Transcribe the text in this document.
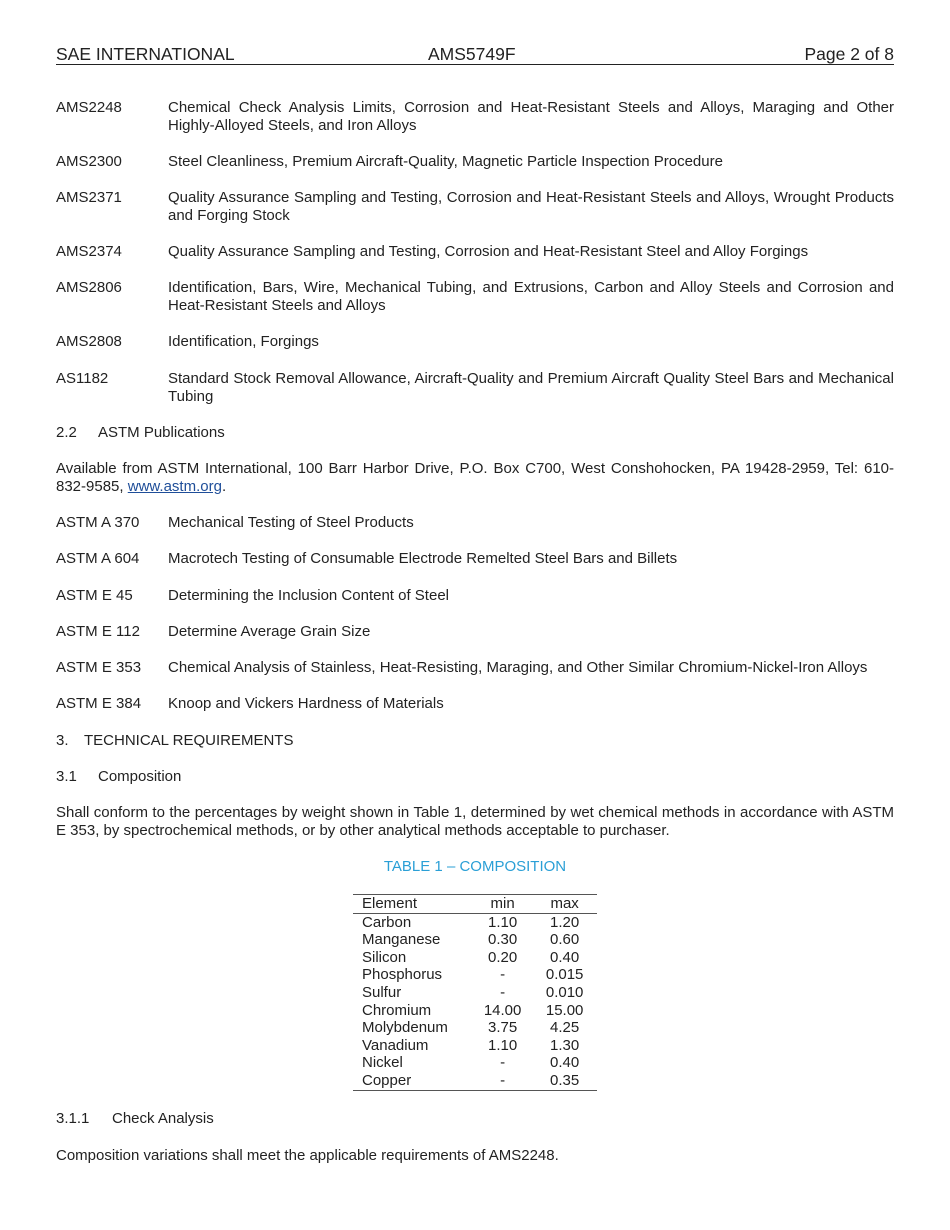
SAE INTERNATIONAL	AMS5749F	Page 2 of 8
AMS2248	Chemical Check Analysis Limits, Corrosion and Heat-Resistant Steels and Alloys, Maraging and Other Highly-Alloyed Steels, and Iron Alloys
AMS2300	Steel Cleanliness, Premium Aircraft-Quality, Magnetic Particle Inspection Procedure
AMS2371	Quality Assurance Sampling and Testing, Corrosion and Heat-Resistant Steels and Alloys, Wrought Products and Forging Stock
AMS2374	Quality Assurance Sampling and Testing, Corrosion and Heat-Resistant Steel and Alloy Forgings
AMS2806	Identification, Bars, Wire, Mechanical Tubing, and Extrusions, Carbon and Alloy Steels and Corrosion and Heat-Resistant Steels and Alloys
AMS2808	Identification, Forgings
AS1182	Standard Stock Removal Allowance, Aircraft-Quality and Premium Aircraft Quality Steel Bars and Mechanical Tubing
2.2 ASTM Publications
Available from ASTM International, 100 Barr Harbor Drive, P.O. Box C700, West Conshohocken, PA 19428-2959, Tel: 610-832-9585, www.astm.org.
ASTM A 370 Mechanical Testing of Steel Products
ASTM A 604 Macrotech Testing of Consumable Electrode Remelted Steel Bars and Billets
ASTM E 45 Determining the Inclusion Content of Steel
ASTM E 112 Determine Average Grain Size
ASTM E 353 Chemical Analysis of Stainless, Heat-Resisting, Maraging, and Other Similar Chromium-Nickel-Iron Alloys
ASTM E 384 Knoop and Vickers Hardness of Materials
3. TECHNICAL REQUIREMENTS
3.1 Composition
Shall conform to the percentages by weight shown in Table 1, determined by wet chemical methods in accordance with ASTM E 353, by spectrochemical methods, or by other analytical methods acceptable to purchaser.
TABLE 1 – COMPOSITION
Element	min	max
Carbon	1.10	1.20
Manganese	0.30	0.60
Silicon	0.20	0.40
Phosphorus	-	0.015
Sulfur	-	0.010
Chromium	14.00	15.00
Molybdenum	3.75	4.25
Vanadium	1.10	1.30
Nickel	-	0.40
Copper	-	0.35
3.1.1 Check Analysis
Composition variations shall meet the applicable requirements of AMS2248.
